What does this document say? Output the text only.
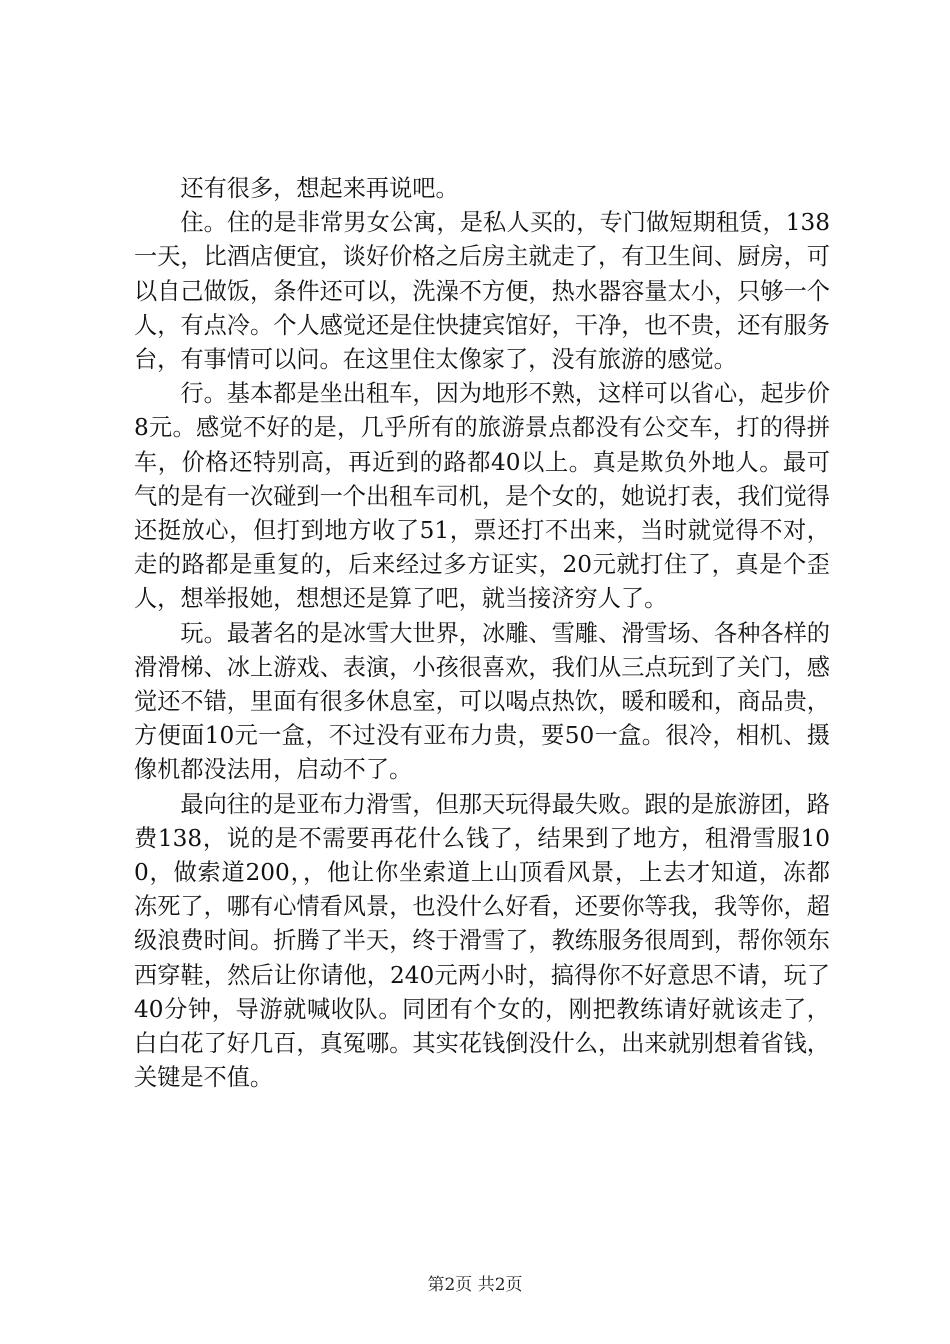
还有很多，想起来再说吧。

住。住的是非常男女公寓，是私人买的，专门做短期租赁，138一天，比酒店便宜，谈好价格之后房主就走了，有卫生间、厨房，可以自己做饭，条件还可以，洗澡不方便，热水器容量太小，只够一个人，有点冷。个人感觉还是住快捷宾馆好，干净，也不贵，还有服务台，有事情可以问。在这里住太像家了，没有旅游的感觉。

行。基本都是坐出租车，因为地形不熟，这样可以省心，起步价8元。感觉不好的是，几乎所有的旅游景点都没有公交车，打的得拼车，价格还特别高，再近到的路都40以上。真是欺负外地人。最可气的是有一次碰到一个出租车司机，是个女的，她说打表，我们觉得还挺放心，但打到地方收了51，票还打不出来，当时就觉得不对，走的路都是重复的，后来经过多方证实，20元就打住了，真是个歪人，想举报她，想想还是算了吧，就当接济穷人了。

玩。最著名的是冰雪大世界，冰雕、雪雕、滑雪场、各种各样的滑滑梯、冰上游戏、表演，小孩很喜欢，我们从三点玩到了关门，感觉还不错，里面有很多休息室，可以喝点热饮，暖和暖和，商品贵，方便面10元一盒，不过没有亚布力贵，要50一盒。很冷，相机、摄像机都没法用，启动不了。

最向往的是亚布力滑雪，但那天玩得最失败。跟的是旅游团，路费138，说的是不需要再花什么钱了，结果到了地方，租滑雪服100，做索道200，，他让你坐索道上山顶看风景，上去才知道，冻都冻死了，哪有心情看风景，也没什么好看，还要你等我，我等你，超级浪费时间。折腾了半天，终于滑雪了，教练服务很周到，帮你领东西穿鞋，然后让你请他，240元两小时，搞得你不好意思不请，玩了40分钟，导游就喊收队。同团有个女的，刚把教练请好就该走了，白白花了好几百，真冤哪。其实花钱倒没什么，出来就别想着省钱，关键是不值。

第2页 共2页
